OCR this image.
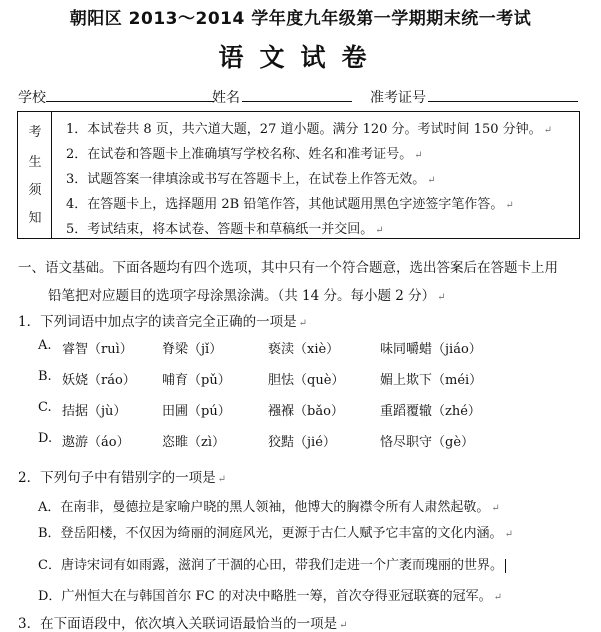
朝阳区 2013～2014 学年度九年级第一学期期末统一考试
语文试卷
学校	姓名	准考证号
考
生
须
知
1．本试卷共 8 页，共六道大题，27 道小题。满分 120 分。考试时间 150 分钟。 ↵
2．在试卷和答题卡上准确填写学校名称、姓名和准考证号。 ↵
3．试题答案一律填涂或书写在答题卡上，在试卷上作答无效。 ↵
4．在答题卡上，选择题用 2B 铅笔作答，其他试题用黑色字迹签字笔作答。 ↵
5．考试结束，将本试卷、答题卡和草稿纸一并交回。 ↵
一、语文基础。下面各题均有四个选项，其中只有一个符合题意，选出答案后在答题卡上用
铅笔把对应题目的选项字母涂黑涂满。（共 14 分。每小题 2 分） ↵
1．下列词语中加点字的读音完全正确的一项是 ↵
A. 睿智（ruì） 脊梁（jǐ）	亵渎（xiè）	味同嚼蜡（jiáo）
B. 妖娆（ráo） 哺育（pǔ）	胆怯（què）	媚上欺下（méi）
C. 拮据（jù）	田圃（pú）	襁褓（bǎo）	重蹈覆辙（zhé）
D. 遨游（áo） 恣睢（zì）	狡黠（jié）	恪尽职守（gè）
2．下列句子中有错别字的一项是 ↵
A．在南非，曼德拉是家喻户晓的黑人领袖，他博大的胸襟令所有人肃然起敬。 ↵
B．登岳阳楼，不仅因为绮丽的洞庭风光，更源于古仁人赋予它丰富的文化内涵。 ↵
C．唐诗宋词有如雨露，滋润了干涸的心田，带我们走进一个广袤而瑰丽的世界。
D．广州恒大在与韩国首尔 FC 的对决中略胜一筹，首次夺得亚冠联赛的冠军。 ↵
3．在下面语段中，依次填入关联词语最恰当的一项是 ↵
